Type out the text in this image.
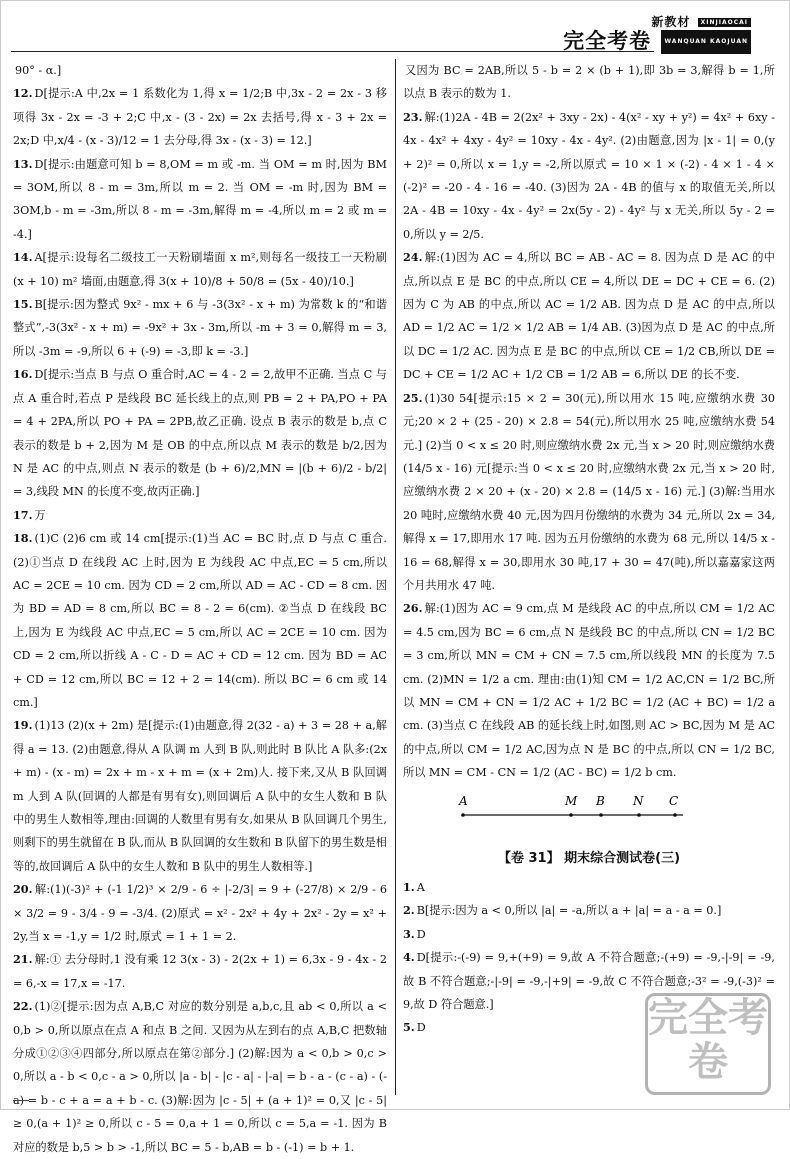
新教材 XINJIAOCAI
完全考卷 WANQUAN KAOJUAN

90° - α.]

12. D[提示:A 中,2x = 1 系数化为 1,得 x = 1/2;B 中,3x - 2 = 2x - 3 移项得 3x - 2x = -3 + 2;C 中,x - (3 - 2x) = 2x 去括号,得 x - 3 + 2x = 2x;D 中,x/4 - (x - 3)/12 = 1 去分母,得 3x - (x - 3) = 12.]

13. D[提示:由题意可知 b = 8,OM = m 或 -m. 当 OM = m 时,因为 BM = 3OM,所以 8 - m = 3m,所以 m = 2. 当 OM = -m 时,因为 BM = 3OM,b - m = -3m,所以 8 - m = -3m,解得 m = -4,所以 m = 2 或 m = -4.]

14. A[提示:设每名二级技工一天粉刷墙面 x m²,则每名一级技工一天粉刷 (x + 10) m² 墙面,由题意,得 3(x + 10)/8 + 50/8 = (5x - 40)/10.]

15. B[提示:因为整式 9x² - mx + 6 与 -3(3x² - x + m) 为常数 k 的“和谐整式”,-3(3x² - x + m) = -9x² + 3x - 3m,所以 -m + 3 = 0,解得 m = 3,所以 -3m = -9,所以 6 + (-9) = -3,即 k = -3.]

16. D[提示:当点 B 与点 O 重合时,AC = 4 - 2 = 2,故甲不正确. 当点 C 与点 A 重合时,若点 P 是线段 BC 延长线上的点,则 PB = 2 + PA,PO + PA = 4 + 2PA,所以 PO + PA = 2PB,故乙正确. 设点 B 表示的数是 b,点 C 表示的数是 b + 2,因为 M 是 OB 的中点,所以点 M 表示的数是 b/2,因为 N 是 AC 的中点,则点 N 表示的数是 (b + 6)/2,MN = |(b + 6)/2 - b/2| = 3,线段 MN 的长度不变,故丙正确.]

17. 万

18. (1)C (2)6 cm 或 14 cm[提示:(1)当 AC = BC 时,点 D 与点 C 重合. (2)①当点 D 在线段 AC 上时,因为 E 为线段 AC 中点,EC = 5 cm,所以 AC = 2CE = 10 cm. 因为 CD = 2 cm,所以 AD = AC - CD = 8 cm. 因为 BD = AD = 8 cm,所以 BC = 8 - 2 = 6(cm). ②当点 D 在线段 BC 上,因为 E 为线段 AC 中点,EC = 5 cm,所以 AC = 2CE = 10 cm. 因为 CD = 2 cm,所以折线 A - C - D = AC + CD = 12 cm. 因为 BD = AC + CD = 12 cm,所以 BC = 12 + 2 = 14(cm). 所以 BC = 6 cm 或 14 cm.]

19. (1)13 (2)(x + 2m) 是[提示:(1)由题意,得 2(32 - a) + 3 = 28 + a,解得 a = 13. (2)由题意,得从 A 队调 m 人到 B 队,则此时 B 队比 A 队多:(2x + m) - (x - m) = 2x + m - x + m = (x + 2m)人. 接下来,又从 B 队回调 m 人到 A 队(回调的人都是有男有女),则回调后 A 队中的女生人数和 B 队中的男生人数相等,理由:回调的人数里有男有女,如果从 B 队回调几个男生,则剩下的男生就留在 B 队,而从 B 队回调的女生数和 B 队留下的男生数是相等的,故回调后 A 队中的女生人数和 B 队中的男生人数相等.]

20. 解:(1)(-3)² + (-1 1/2)³ × 2/9 - 6 ÷ |-2/3| = 9 + (-27/8) × 2/9 - 6 × 3/2 = 9 - 3/4 - 9 = -3/4. (2)原式 = x² - 2x² + 4y + 2x² - 2y = x² + 2y,当 x = -1,y = 1/2 时,原式 = 1 + 1 = 2.

21. 解:① 去分母时,1 没有乘 12 3(x - 3) - 2(2x + 1) = 6,3x - 9 - 4x - 2 = 6,-x = 17,x = -17.

22. (1)②[提示:因为点 A,B,C 对应的数分别是 a,b,c,且 ab < 0,所以 a < 0,b > 0,所以原点在点 A 和点 B 之间. 又因为从左到右的点 A,B,C 把数轴分成①②③④四部分,所以原点在第②部分.] (2)解:因为 a < 0,b > 0,c > 0,所以 a - b < 0,c - a > 0,所以 |a - b| - |c - a| - |-a| = b - a - (c - a) - (-a) = b - c + a = a + b - c. (3)解:因为 |c - 5| + (a + 1)² = 0,又 |c - 5| ≥ 0,(a + 1)² ≥ 0,所以 c - 5 = 0,a + 1 = 0,所以 c = 5,a = -1. 因为 B 对应的数是 b,5 > b > -1,所以 BC = 5 - b,AB = b - (-1) = b + 1.

又因为 BC = 2AB,所以 5 - b = 2 × (b + 1),即 3b = 3,解得 b = 1,所以点 B 表示的数为 1.

23. 解:(1)2A - 4B = 2(2x² + 3xy - 2x) - 4(x² - xy + y²) = 4x² + 6xy - 4x - 4x² + 4xy - 4y² = 10xy - 4x - 4y². (2)由题意,因为 |x - 1| = 0,(y + 2)² = 0,所以 x = 1,y = -2,所以原式 = 10 × 1 × (-2) - 4 × 1 - 4 × (-2)² = -20 - 4 - 16 = -40. (3)因为 2A - 4B 的值与 x 的取值无关,所以 2A - 4B = 10xy - 4x - 4y² = 2x(5y - 2) - 4y² 与 x 无关,所以 5y - 2 = 0,所以 y = 2/5.

24. 解:(1)因为 AC = 4,所以 BC = AB - AC = 8. 因为点 D 是 AC 的中点,所以点 E 是 BC 的中点,所以 CE = 4,所以 DE = DC + CE = 6. (2)因为 C 为 AB 的中点,所以 AC = 1/2 AB. 因为点 D 是 AC 的中点,所以 AD = 1/2 AC = 1/2 × 1/2 AB = 1/4 AB. (3)因为点 D 是 AC 的中点,所以 DC = 1/2 AC. 因为点 E 是 BC 的中点,所以 CE = 1/2 CB,所以 DE = DC + CE = 1/2 AC + 1/2 CB = 1/2 AB = 6,所以 DE 的长不变.

25. (1)30 54[提示:15 × 2 = 30(元),所以用水 15 吨,应缴纳水费 30 元;20 × 2 + (25 - 20) × 2.8 = 54(元),所以用水 25 吨,应缴纳水费 54 元.] (2)当 0 < x ≤ 20 时,则应缴纳水费 2x 元,当 x > 20 时,则应缴纳水费 (14/5 x - 16) 元[提示:当 0 < x ≤ 20 时,应缴纳水费 2x 元,当 x > 20 时,应缴纳水费 2 × 20 + (x - 20) × 2.8 = (14/5 x - 16) 元.] (3)解:当用水 20 吨时,应缴纳水费 40 元,因为四月份缴纳的水费为 34 元,所以 2x = 34,解得 x = 17,即用水 17 吨. 因为五月份缴纳的水费为 68 元,所以 14/5 x - 16 = 68,解得 x = 30,即用水 30 吨,17 + 30 = 47(吨),所以嘉嘉家这两个月共用水 47 吨.

26. 解:(1)因为 AC = 9 cm,点 M 是线段 AC 的中点,所以 CM = 1/2 AC = 4.5 cm,因为 BC = 6 cm,点 N 是线段 BC 的中点,所以 CN = 1/2 BC = 3 cm,所以 MN = CM + CN = 7.5 cm,所以线段 MN 的长度为 7.5 cm. (2)MN = 1/2 a cm. 理由:由(1)知 CM = 1/2 AC,CN = 1/2 BC,所以 MN = CM + CN = 1/2 AC + 1/2 BC = 1/2 (AC + BC) = 1/2 a cm. (3)当点 C 在线段 AB 的延长线上时,如图,则 AC > BC,因为 M 是 AC 的中点,所以 CM = 1/2 AC,因为点 N 是 BC 的中点,所以 CN = 1/2 BC,所以 MN = CM - CN = 1/2 (AC - BC) = 1/2 b cm.

A	M B N C
【卷 31】 期末综合测试卷(三)

1. A

2. B[提示:因为 a < 0,所以 |a| = -a,所以 a + |a| = a - a = 0.]

3. D

4. D[提示:-(-9) = 9,+(+9) = 9,故 A 不符合题意;-(+9) = -9,-|-9| = -9,故 B 不符合题意;-|-9| = -9,-|+9| = -9,故 C 不符合题意;-3² = -9,(-3)² = 9,故 D 符合题意.]

5. D	完全考卷
